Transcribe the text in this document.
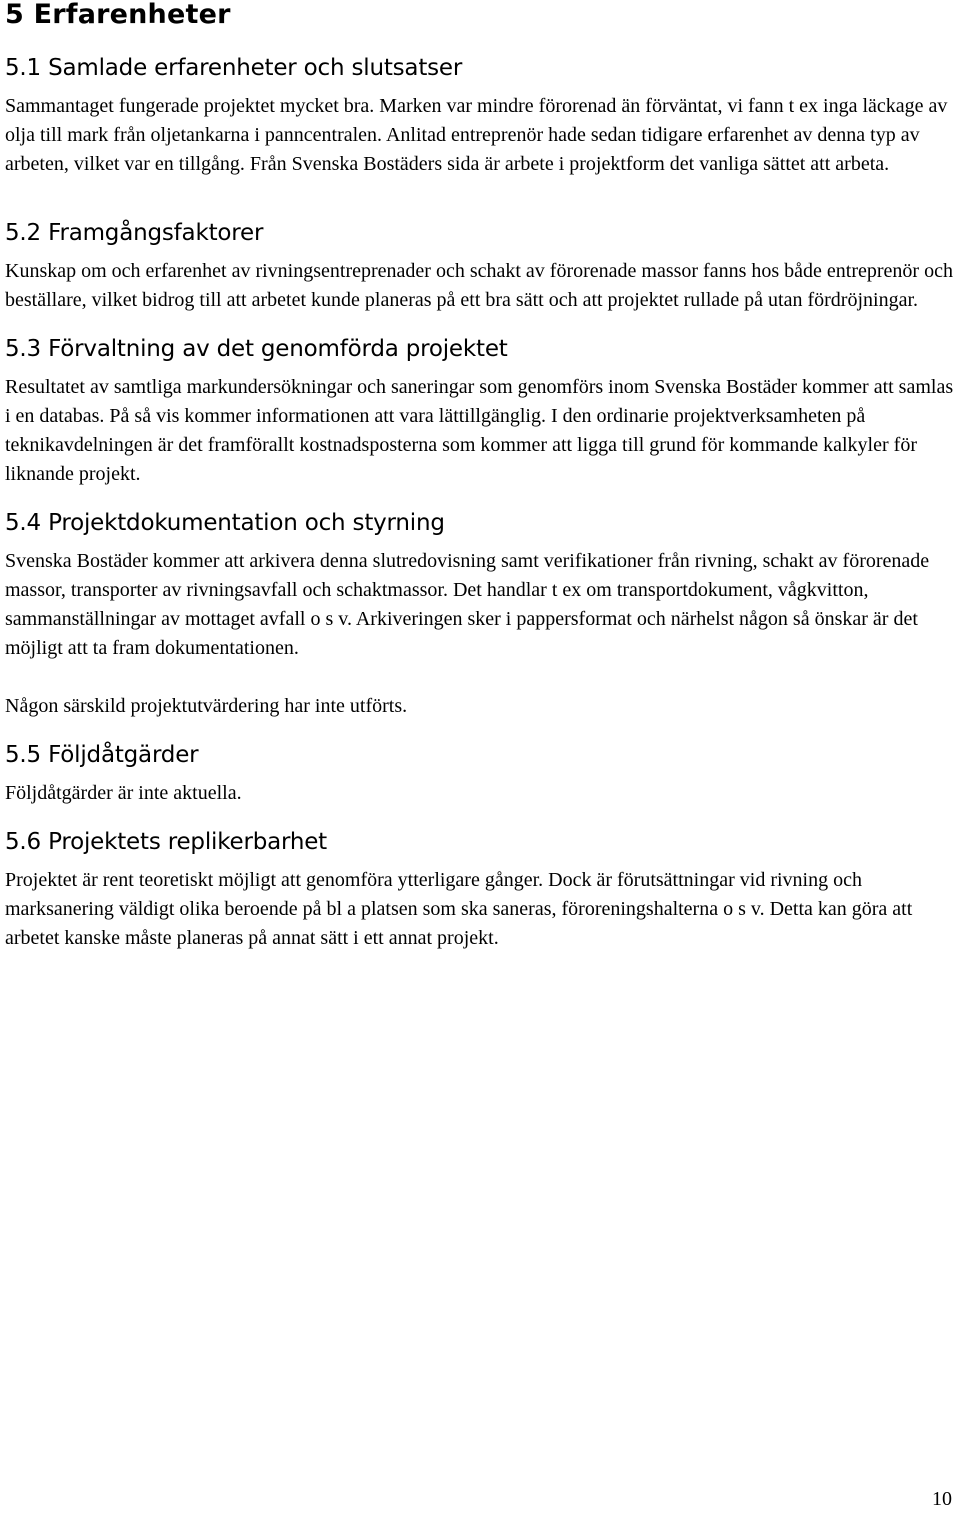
5 Erfarenheter
5.1 Samlade erfarenheter och slutsatser

Sammantaget fungerade projektet mycket bra. Marken var mindre förorenad än förväntat, vi fann t ex inga läckage av olja till mark från oljetankarna i panncentralen. Anlitad entreprenör hade sedan tidigare erfarenhet av denna typ av arbeten, vilket var en tillgång. Från Svenska Bostäders sida är arbete i projektform det vanliga sättet att arbeta.

5.2 Framgångsfaktorer

Kunskap om och erfarenhet av rivningsentreprenader och schakt av förorenade massor fanns hos både entreprenör och beställare, vilket bidrog till att arbetet kunde planeras på ett bra sätt och att projektet rullade på utan fördröjningar.

5.3 Förvaltning av det genomförda projektet

Resultatet av samtliga markundersökningar och saneringar som genomförs inom Svenska Bostäder kommer att samlas i en databas. På så vis kommer informationen att vara lättillgänglig. I den ordinarie projektverksamheten på teknikavdelningen är det framförallt kostnadsposterna som kommer att ligga till grund för kommande kalkyler för liknande projekt.

5.4 Projektdokumentation och styrning

Svenska Bostäder kommer att arkivera denna slutredovisning samt verifikationer från rivning, schakt av förorenade massor, transporter av rivningsavfall och schaktmassor. Det handlar t ex om transportdokument, vågkvitton, sammanställningar av mottaget avfall o s v. Arkiveringen sker i pappersformat och närhelst någon så önskar är det möjligt att ta fram dokumentationen.

Någon särskild projektutvärdering har inte utförts.

5.5 Följdåtgärder

Följdåtgärder är inte aktuella.

5.6 Projektets replikerbarhet

Projektet är rent teoretiskt möjligt att genomföra ytterligare gånger. Dock är förutsättningar vid rivning och marksanering väldigt olika beroende på bl a platsen som ska saneras, föroreningshalterna o s v. Detta kan göra att arbetet kanske måste planeras på annat sätt i ett annat projekt.

10
